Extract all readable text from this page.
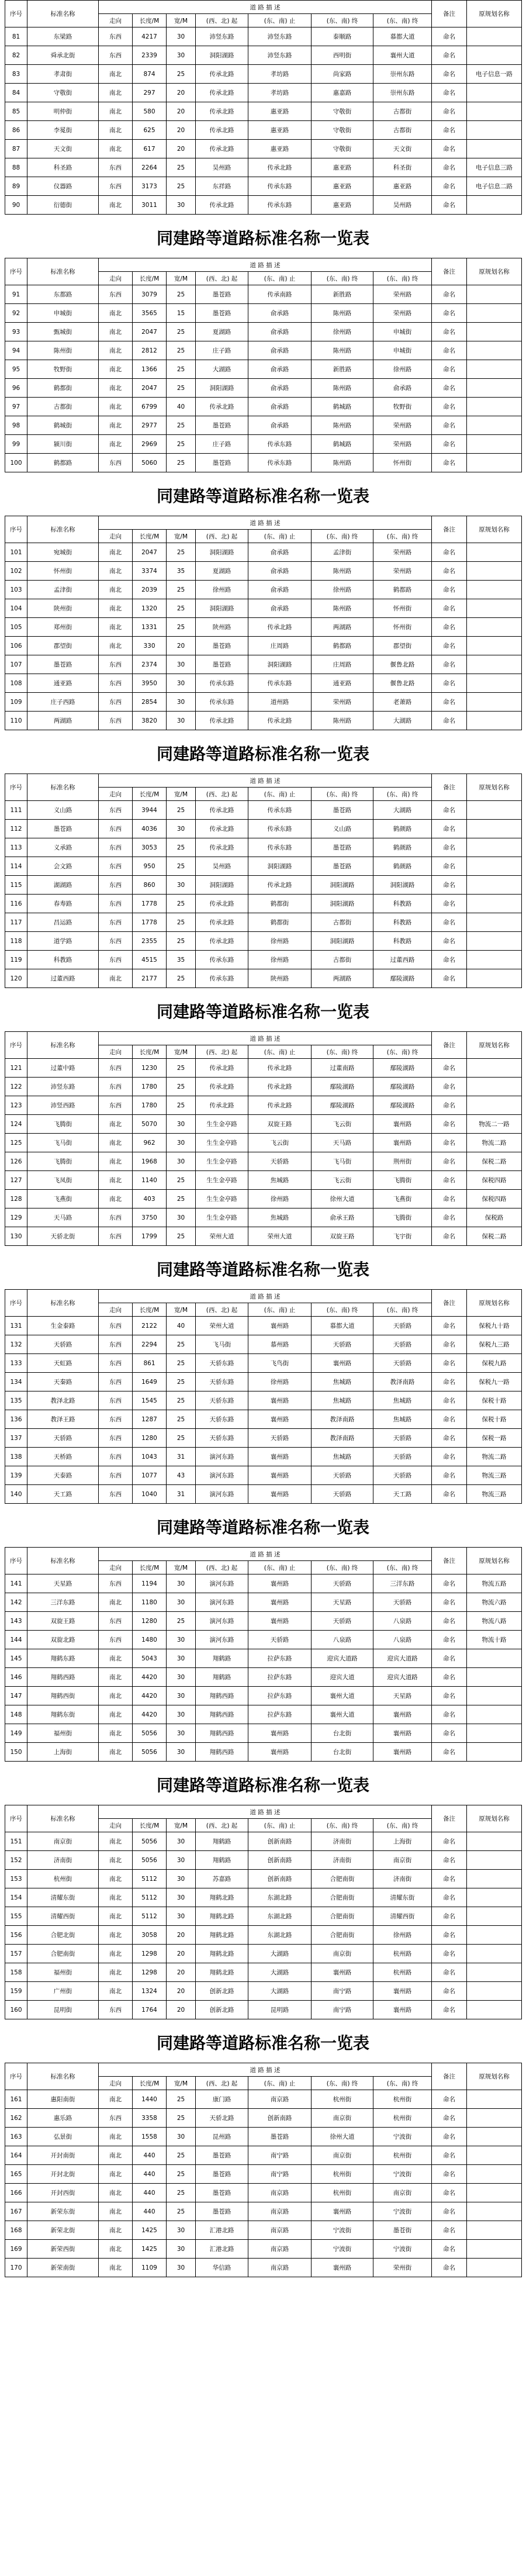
序号	标准名称	道 路 描 述							备注	原规划名称
		走向	长度/M	宽/M	(西、北) 起	(东、南) 止	(东、南) 终	(东、南) 终		
81	东梁路	东西	4217	30	沛竖东路	沛竖东路	泰顺路	慕都大道	命名	
82	舜承北街	东西	2339	30	洞阳湖路	沛竖东路	西明街	襄州大道	命名	
83	孝肃街	南北	874	25	传承北路	孝坊路	尚家路	崇州东路	命名	电子信息一路
84	守敬街	南北	297	20	传承北路	孝坊路	惠嘉路	崇州东路	命名	
85	明仲街	南北	580	20	传承北路	惠亚路	守敬街	古都街	命名	
86	李冕街	南北	625	20	传承北路	惠亚路	守敬街	古都街	命名	
87	天文街	南北	617	20	传承北路	惠亚路	守敬街	天文街	命名	
88	科圣路	东西	2264	25	昊州路	传承北路	惠亚路	科圣街	命名	电子信息三路
89	仪器路	东西	3173	25	东祥路	传承东路	惠亚路	惠亚路	命名	电子信息二路
90	衍德街	南北	3011	30	传承北路	传承东路	惠亚路	昊州路	命名	
同建路等道路标准名称一览表
序号	标准名称	道 路 描 述							备注	原规划名称
		走向	长度/M	宽/M	(西、北) 起	(东、南) 止	(东、南) 终	(东、南) 终		
91	东都路	东西	3079	25	墨苍路	传承南路	新胜路	荣州路	命名	
92	申城街	南北	3565	15	墨苍路	俞承路	陈州路	荣州路	命名	
93	甄城街	南北	2047	25	夏湖路	俞承路	徐州路	申城街	命名	
94	陈州街	南北	2812	25	庄子路	俞承路	陈州路	申城街	命名	
95	牧野街	南北	1366	25	大湖路	俞承路	新胜路	徐州路	命名	
96	鹤都街	南北	2047	25	洞阳湖路	俞承路	陈州路	俞承路	命名	
97	古都街	南北	6799	40	传承北路	俞承路	鹤城路	牧野街	命名	
98	鹤城街	南北	2977	25	墨苍路	俞承路	陈州路	荣州路	命名	
99	颍川街	南北	2969	25	庄子路	传承东路	鹤城路	荣州路	命名	
100	鹤都路	东西	5060	25	墨苍路	传承东路	陈州路	怀州街	命名	
同建路等道路标准名称一览表
序号	标准名称	道 路 描 述							备注	原规划名称
		走向	长度/M	宽/M	(西、北) 起	(东、南) 止	(东、南) 终	(东、南) 终		
101	宛城街	南北	2047	25	洞阳湖路	俞承路	孟津街	荣州路	命名	
102	怀州街	南北	3374	35	夏湖路	俞承路	陈州路	荣州路	命名	
103	孟津街	南北	2039	25	徐州路	俞承路	徐州路	鹤都路	命名	
104	陕州街	南北	1320	25	洞阳湖路	俞承路	陈州路	怀州街	命名	
105	郑州街	南北	1331	25	陕州路	传承北路	两湖路	怀州街	命名	
106	郡望街	南北	330	20	墨苍路	庄周路	鹤都路	郡望街	命名	
107	墨苍路	东西	2374	30	墨苍路	洞阳湖路	庄周路	偃鲁北路	命名	
108	通亚路	东西	3950	30	传承东路	传承东路	通亚路	偃鲁北路	命名	
109	庄子西路	东西	2854	30	传承东路	道州路	荣州路	老萧路	命名	
110	两湖路	东西	3820	30	传承北路	传承北路	陈州路	大湖路	命名	
同建路等道路标准名称一览表
序号	标准名称	道 路 描 述							备注	原规划名称
		走向	长度/M	宽/M	(西、北) 起	(东、南) 止	(东、南) 终	(东、南) 终		
111	义山路	东西	3944	25	传承北路	传承东路	墨苍路	大湖路	命名	
112	墨苍路	东西	4036	30	传承北路	传承东路	义山路	鹤颜路	命名	
113	义承路	东西	3053	25	传承北路	传承东路	墨苍路	鹤颜路	命名	
114	会文路	东西	950	25	昊州路	洞阳湖路	墨苍路	鹤颜路	命名	
115	湖湖路	东西	860	30	洞阳湖路	传承北路	洞阳湖路	洞阳湖路	命名	
116	春寿路	东西	1778	25	传承北路	鹤都街	洞阳湖路	科教路	命名	
117	昌运路	东西	1778	25	传承北路	鹤都街	古都街	科教路	命名	
118	道学路	东西	2355	25	传承北路	徐州路	洞阳湖路	科教路	命名	
119	科教路	东西	4515	35	传承东路	徐州路	古都街	过董西路	命名	
120	过董西路	南北	2177	25	传承东路	陕州路	两湖路	鄢陵湖路	命名	
同建路等道路标准名称一览表
序号	标准名称	道 路 描 述							备注	原规划名称
		走向	长度/M	宽/M	(西、北) 起	(东、南) 止	(东、南) 终	(东、南) 终		
121	过董中路	东西	1230	25	传承北路	传承北路	过董南路	鄢陵湖路	命名	
122	沛竖东路	东西	1780	25	传承北路	传承北路	鄢陵湖路	鄢陵湖路	命名	
123	沛竖西路	东西	1780	25	传承北路	传承北路	鄢陵湖路	鄢陵湖路	命名	
124	飞腾街	南北	5070	30	生生金亭路	双旋王路	飞云街	襄州路	命名	物流二一路
125	飞马街	南北	962	30	生生金亭路	飞云街	天马路	襄州路	命名	物流二路
126	飞腾街	南北	1968	30	生生金亭路	天骄路	飞马街	荆州街	命名	保税二路
127	飞凤街	南北	1140	25	生生金亭路	焦城路	飞云街	飞腾街	命名	保税四路
128	飞燕街	南北	403	25	生生金亭路	徐州路	徐州大道	飞燕街	命名	保税四路
129	天马路	东西	3750	30	生生金亭路	焦城路	俞承王路	飞腾街	命名	保税路
130	天骄北街	东西	1799	25	荣州大道	荣州大道	双旋王路	飞宇街	命名	保税二路
同建路等道路标准名称一览表
序号	标准名称	道 路 描 述							备注	原规划名称
		走向	长度/M	宽/M	(西、北) 起	(东、南) 止	(东、南) 终	(东、南) 终		
131	生金泰路	东西	2122	40	荣州大道	襄州路	慕都大道	天骄路	命名	保税九十路
132	天骄路	东西	2294	25	飞马街	慕州路	天骄路	天骄路	命名	保税九三路
133	天虹路	东西	861	25	天骄东路	飞鸟街	襄州路	天骄路	命名	保税九路
134	天秦路	东西	1649	25	天骄东路	徐州路	焦城路	教泽南路	命名	保税九一路
135	教泽北路	东西	1545	25	天骄东路	襄州路	焦城路	焦城路	命名	保税十路
136	教泽王路	东西	1287	25	天骄东路	襄州路	教泽南路	焦城路	命名	保税十路
137	天骄路	东西	1280	25	天骄东路	天骄路	教泽南路	天骄路	命名	保税一路
138	天桥路	东西	1043	31	演河东路	襄州路	焦城路	天骄路	命名	物流二路
139	天泰路	东西	1077	43	演河东路	襄州路	天骄路	天骄路	命名	物流三路
140	天工路	东西	1040	31	演河东路	襄州路	天骄路	天工路	命名	物流三路
同建路等道路标准名称一览表
序号	标准名称	道 路 描 述							备注	原规划名称
		走向	长度/M	宽/M	(西、北) 起	(东、南) 止	(东、南) 终	(东、南) 终		
141	天星路	东西	1194	30	演河东路	襄州路	天骄路	三洋东路	命名	物流五路
142	三洋东路	南北	1180	30	演河东路	襄州路	天星路	天骄路	命名	物流六路
143	双旋王路	东西	1280	25	演河东路	襄州路	天骄路	八泉路	命名	物流八路
144	双旋北路	东西	1480	30	演河东路	天骄路	八泉路	八泉路	命名	物流十路
145	翔鹤东路	南北	5043	30	翔鹤路	拉萨东路	迎宾大道路	迎宾大道路	命名	
146	翔鹤西路	南北	4420	30	翔鹤路	拉萨东路	迎宾大道	迎宾大道路	命名	
147	翔鹤西街	南北	4420	30	翔鹤西路	拉萨东路	襄州大道	天星路	命名	
148	翔鹤东街	南北	4420	30	翔鹤西路	拉萨东路	襄州大道	襄州路	命名	
149	福州街	南北	5056	30	翔鹤西路	襄州路	台北街	襄州路	命名	
150	上海街	南北	5056	30	翔鹤西路	襄州路	台北街	襄州路	命名	
同建路等道路标准名称一览表
序号	标准名称	道 路 描 述							备注	原规划名称
		走向	长度/M	宽/M	(西、北) 起	(东、南) 止	(东、南) 终	(东、南) 终		
151	南京街	南北	5056	30	翔鹤路	创新南路	济南街	上海街	命名	
152	济南街	南北	5056	30	翔鹤路	创新南路	济南街	南京街	命名	
153	杭州街	南北	5112	30	苏嘉路	创新南路	合肥南街	济南街	命名	
154	清耀东街	南北	5112	30	翔鹤北路	东湖北路	合肥南街	清耀东街	命名	
155	清耀西街	南北	5112	30	翔鹤北路	东湖北路	合肥南街	清耀西街	命名	
156	合肥北街	南北	3058	20	翔鹤北路	东湖北路	合肥南街	徐州路	命名	
157	合肥南街	南北	1298	20	翔鹤北路	大湖路	南京街	杭州路	命名	
158	福州街	南北	1298	20	翔鹤北路	大湖路	襄州路	杭州路	命名	
159	广州街	南北	1324	20	创新北路	大湖路	南宁路	襄州路	命名	
160	昆明街	东西	1764	20	创新北路	昆明路	南宁路	襄州路	命名	
同建路等道路标准名称一览表
序号	标准名称	道 路 描 述							备注	原规划名称
		走向	长度/M	宽/M	(西、北) 起	(东、南) 止	(东、南) 终	(东、南) 终		
161	惠阳南街	南北	1440	25	康门路	南京路	杭州街	杭州街	命名	
162	惠乐路	东西	3358	25	天骄北路	创新南路	南京街	杭州街	命名	
163	弘景街	南北	1558	30	昆州路	墨苍路	徐州大道	宁波街	命名	
164	开封南街	南北	440	25	墨苍路	南宁路	南京街	杭州街	命名	
165	开封北街	南北	440	25	墨苍路	南宁路	杭州街	宁波街	命名	
166	开封西街	南北	440	25	墨苍路	南京路	杭州街	南京街	命名	
167	新荣东街	南北	440	25	墨苍路	南京路	襄州路	宁波街	命名	
168	新荣北街	南北	1425	30	汇港北路	南京路	宁波街	墨苍街	命名	
169	新荣西街	南北	1425	30	汇港北路	南京路	宁波街	宁波街	命名	
170	新荣南街	南北	1109	30	华信路	南京路	襄州路	荣州街	命名	
